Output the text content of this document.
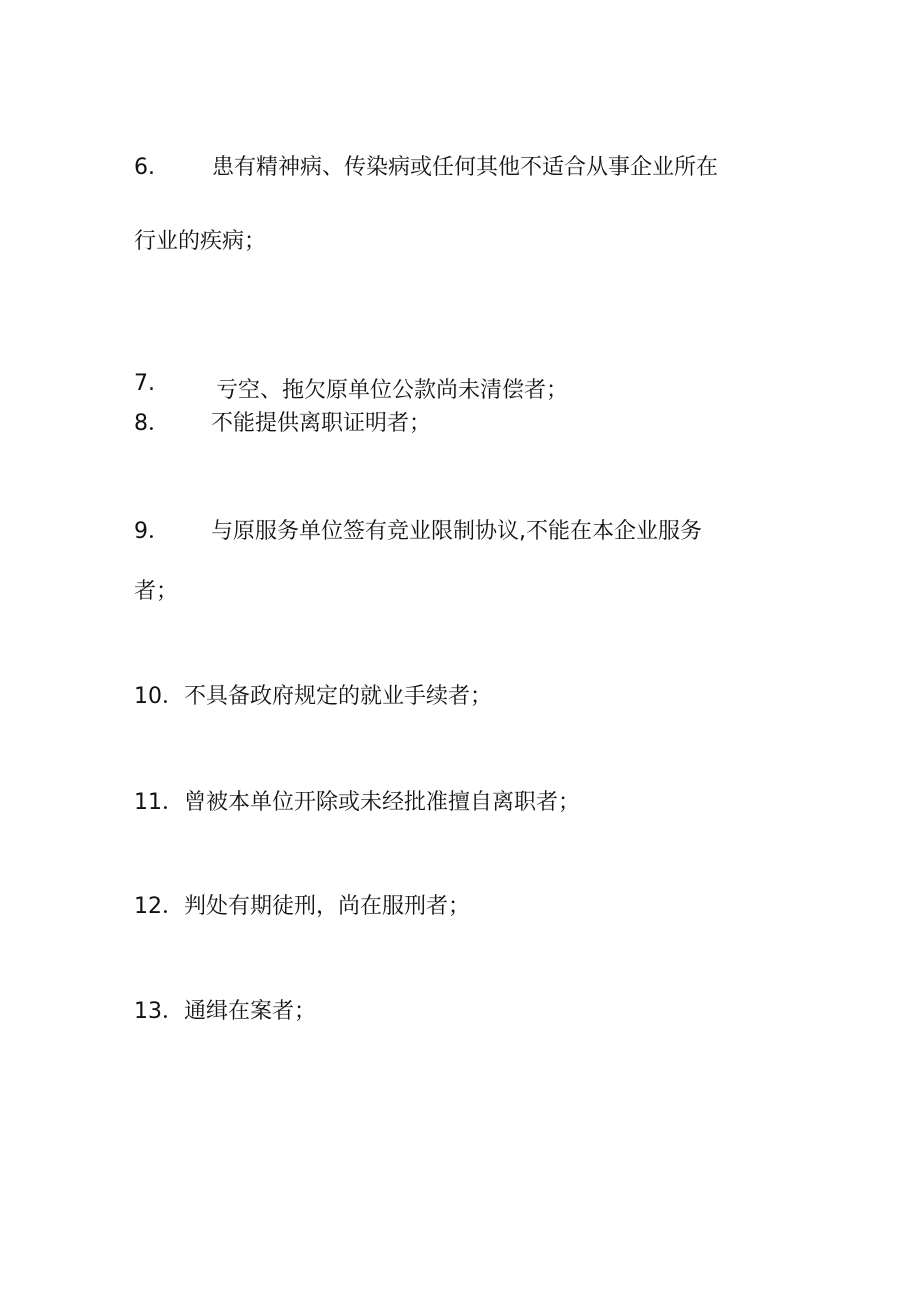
6.	患有精神病、传染病或任何其他不适合从事企业所在
行业的疾病；
7.	亏空、拖欠原单位公款尚未清偿者；
8． 不能提供离职证明者；
9． 与原服务单位签有竞业限制协议,不能在本企业服务
者；
10．不具备政府规定的就业手续者；
11．曾被本单位开除或未经批准擅自离职者；
12．判处有期徒刑，尚在服刑者；
13．通缉在案者；
